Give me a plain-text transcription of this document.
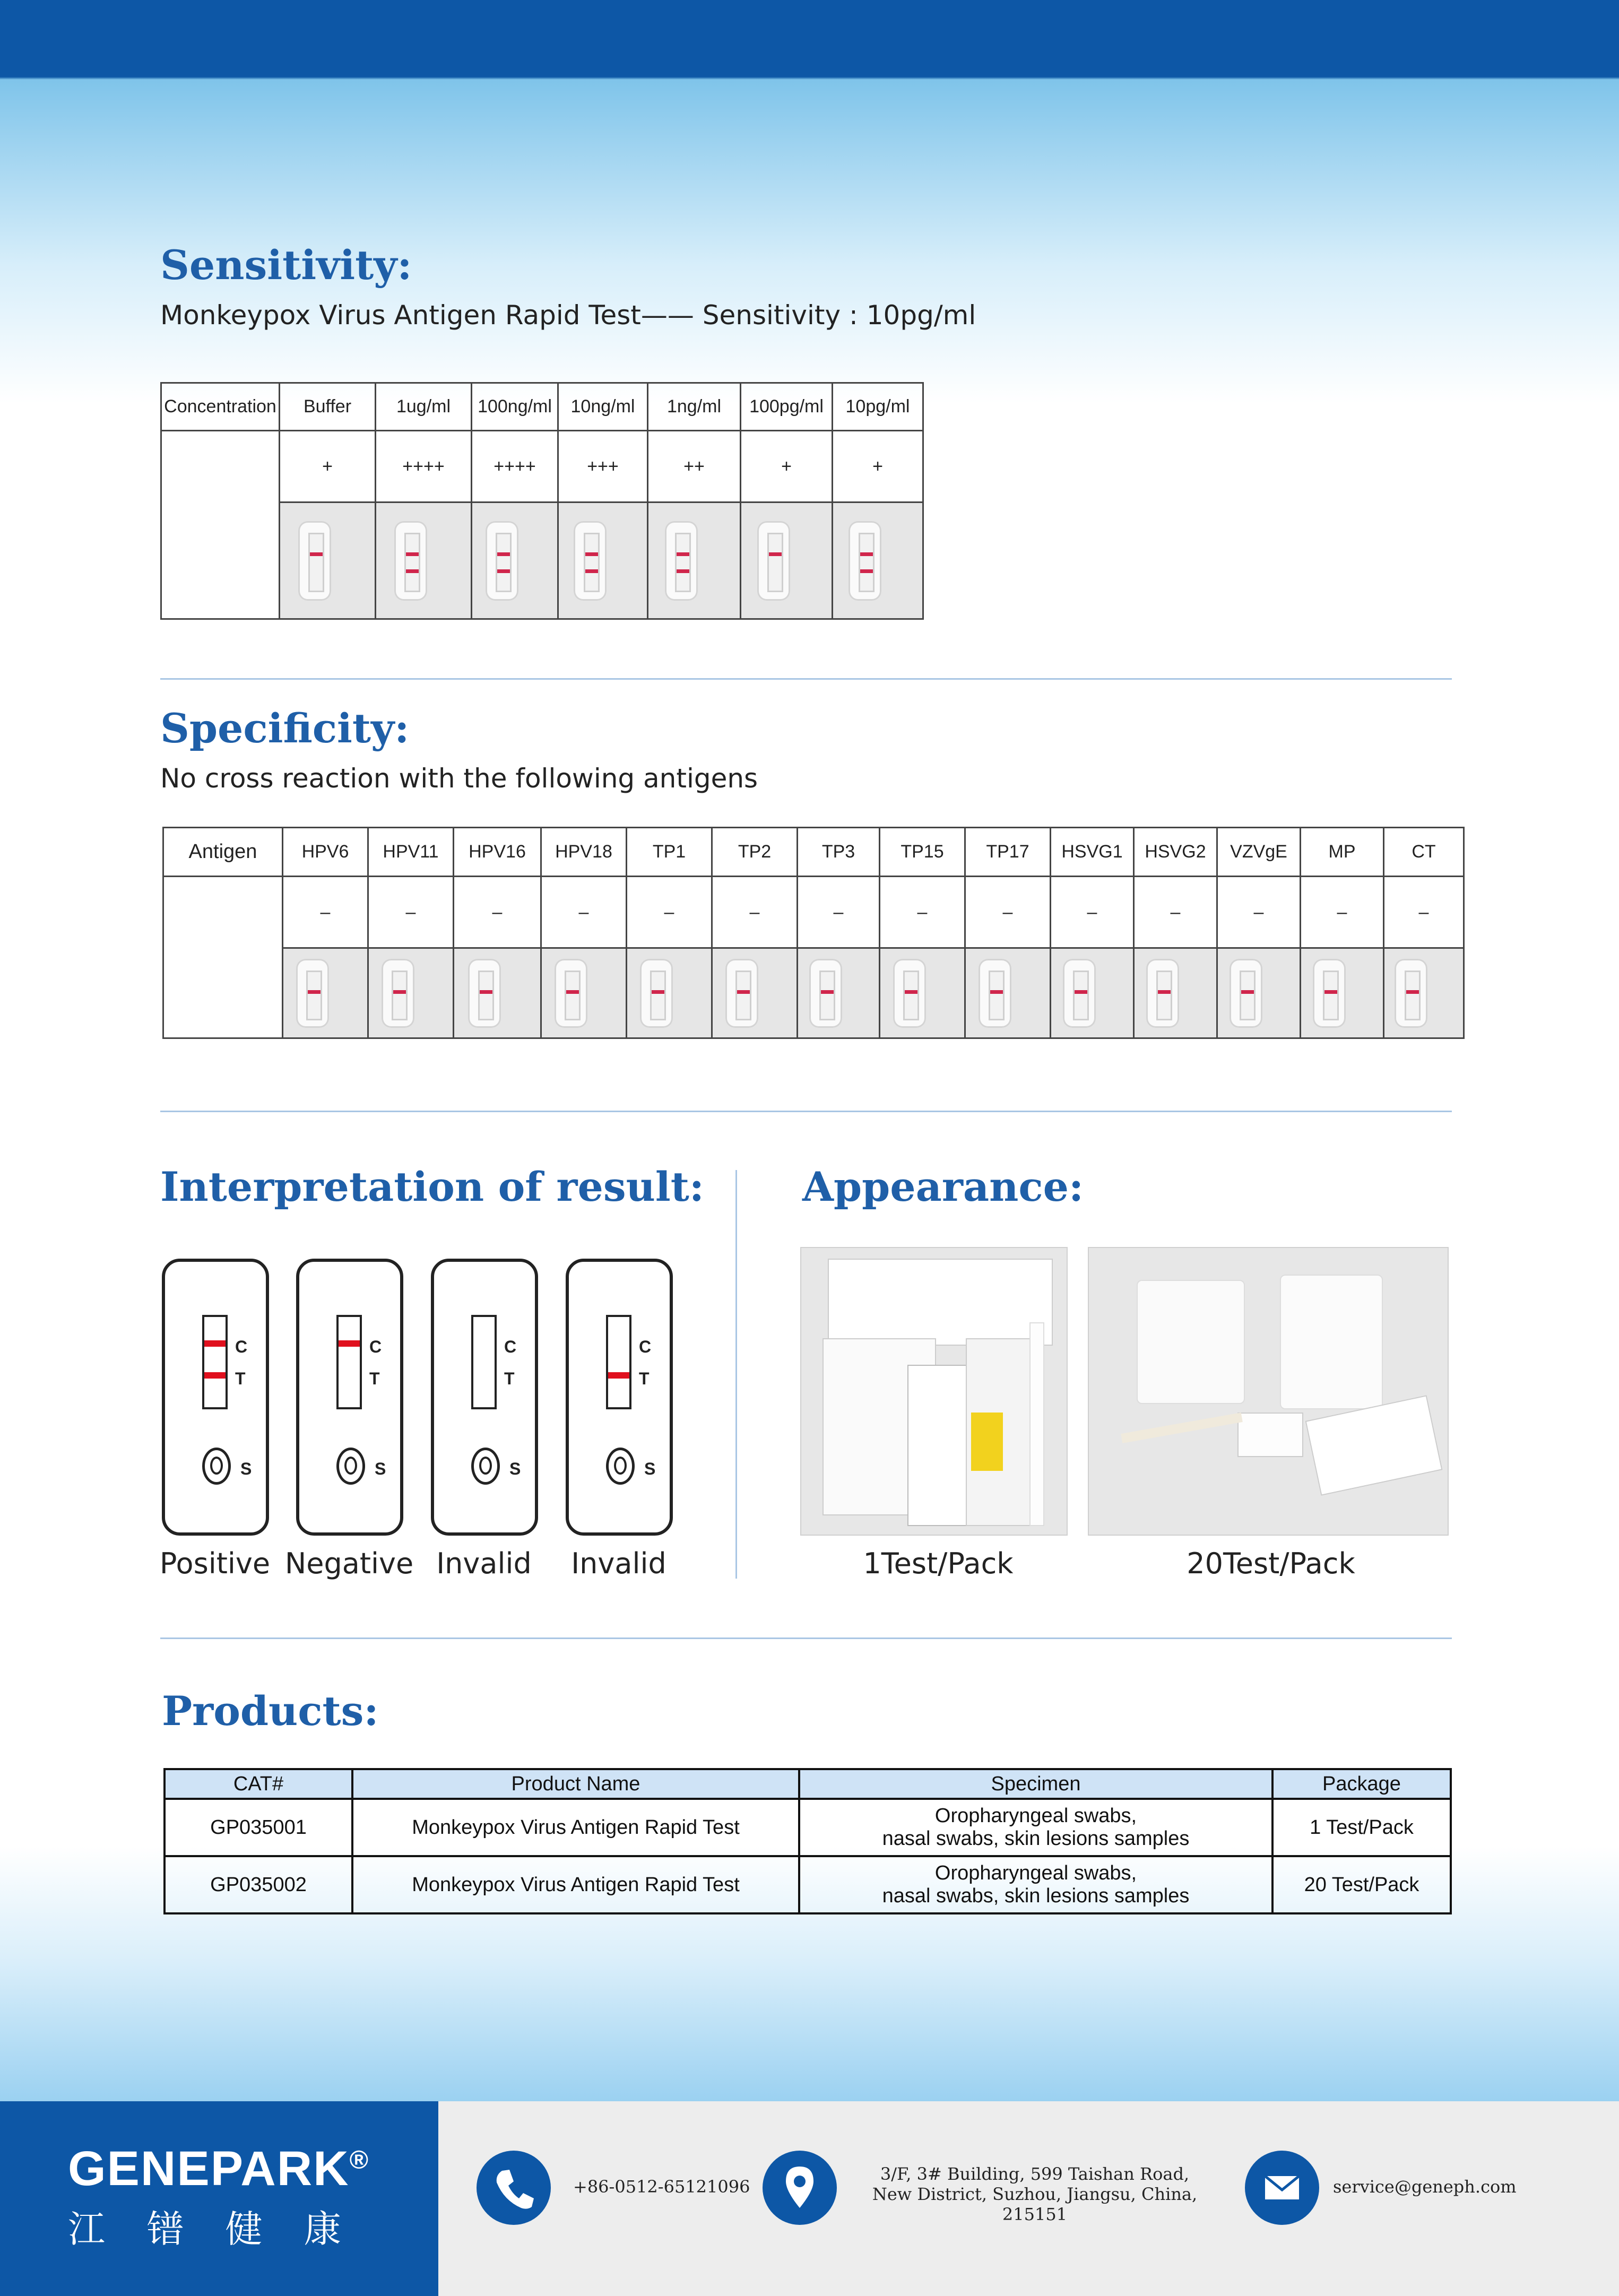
Sensitivity:
Monkeypox Virus Antigen Rapid Test—— Sensitivity : 10pg/ml
Concentration	Buffer	1ug/ml	100ng/ml	10ng/ml	1ng/ml	100pg/ml	10pg/ml
	+	++++	++++	+++	++	+	+

Specificity:
No cross reaction with the following antigens
Antigen	HPV6	HPV11	HPV16	HPV18	TP1	TP2	TP3	TP15	TP17	HSVG1	HSVG2	VZVgE	MP	CT
	–	–	–	–	–	–	–	–	–	–	–	–	–	–

Interpretation of result:
C
T
S
Positive
C
T
S
Negative
C
T
S
Invalid
C
T
S
Invalid
Appearance:
1Test/Pack	20Test/Pack
Products:
CAT#	Product Name	Specimen	Package
GP035001	Monkeypox Virus Antigen Rapid Test	Oropharyngeal swabs,
nasal swabs, skin lesions samples	1 Test/Pack
GP035002	Monkeypox Virus Antigen Rapid Test	Oropharyngeal swabs,
nasal swabs, skin lesions samples	20 Test/Pack
GENEPARK®
江 镨 健 康
+86-0512-65121096
3/F, 3# Building, 599 Taishan Road,
New District, Suzhou, Jiangsu, China, 215151
service@geneph.com
